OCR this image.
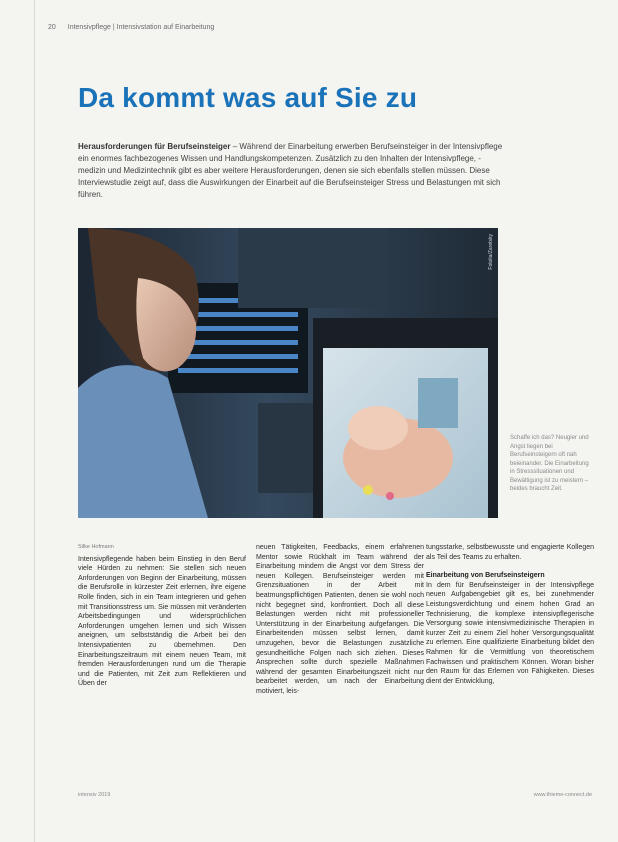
20 Intensivpflege | Intensivstation auf Einarbeitung
Da kommt was auf Sie zu
Herausforderungen für Berufseinsteiger – Während der Einarbeitung erwerben Berufseinsteiger in der Intensivpflege ein enormes fachbezogenes Wissen und Handlungskompetenzen. Zusätzlich zu den Inhalten der Intensivpflege, -medizin und Medizintechnik gibt es aber weitere Herausforderungen, denen sie sich ebenfalls stellen müssen. Diese Interviewstudie zeigt auf, dass die Auswirkungen der Einarbeit auf die Berufseinsteiger Stress und Belastungen mit sich führen.
Fotolia/Zaretsky
Schaffe ich das? Neugier und Angst liegen bei Berufseinsteigern oft nah beieinander. Die Einarbeitung in Stresssituationen und Bewältigung ist zu meistern – beides braucht Zeit.
Silke Hofmann

Intensivpflegende haben beim Einstieg in den Beruf viele Hürden zu nehmen: Sie stellen sich neuen Anforderungen von Beginn der Einarbeitung, müssen die Berufsrolle in kürzester Zeit erlernen, ihre eigene Rolle finden, sich in ein Team integrieren und gehen mit Transitionsstress um. Sie müssen mit veränderten Arbeitsbedingungen und widersprüchlichen Anforderungen umgehen lernen und sich Wissen aneignen, um selbstständig die Arbeit bei den Intensivpatienten zu übernehmen. Den Einarbeitungszeitraum mit einem neuen Team, mit fremden Herausforderungen rund um die Therapie und die Patienten, mit Zeit zum Reflektieren und Üben der

neuen Tätigkeiten, Feedbacks, einem erfahrenen Mentor sowie Rückhalt im Team während der Einarbeitung mindern die Angst vor dem Stress der neuen Kollegen. Berufseinsteiger werden mit Grenzsituationen in der Arbeit mit beatmungspflichtigen Patienten, denen sie wohl noch nicht begegnet sind, konfrontiert. Doch all diese Belastungen werden nicht mit professioneller Unterstützung in der Einarbeitung aufgefangen. Die Einarbeitenden müssen selbst lernen, damit umzugehen, bevor die Belastungen zusätzliche gesundheitliche Folgen nach sich ziehen. Dieses Ansprechen sollte durch spezielle Maßnahmen während der gesamten Einarbeitungszeit nicht nur bearbeitet werden, um nach der Einarbeitung motiviert, leis-

tungsstarke, selbstbewusste und engagierte Kollegen als Teil des Teams zu erhalten.

Einarbeitung von Berufseinsteigern

In dem für Berufseinsteiger in der Intensivpflege neuen Aufgabengebiet gilt es, bei zunehmender Leistungsverdichtung und einem hohen Grad an Technisierung, die komplexe intensivpflegerische Versorgung sowie intensivmedizinische Therapien in kurzer Zeit zu einem Ziel hoher Versorgungsqualität zu erlernen. Eine qualifizierte Einarbeitung bildet den Rahmen für die Vermittlung von theoretischem Fachwissen und praktischem Können. Woran bisher den Raum für das Erlernen von Fähigkeiten. Dieses dient der Entwicklung,

intensiv 2019	www.thieme-connect.de
